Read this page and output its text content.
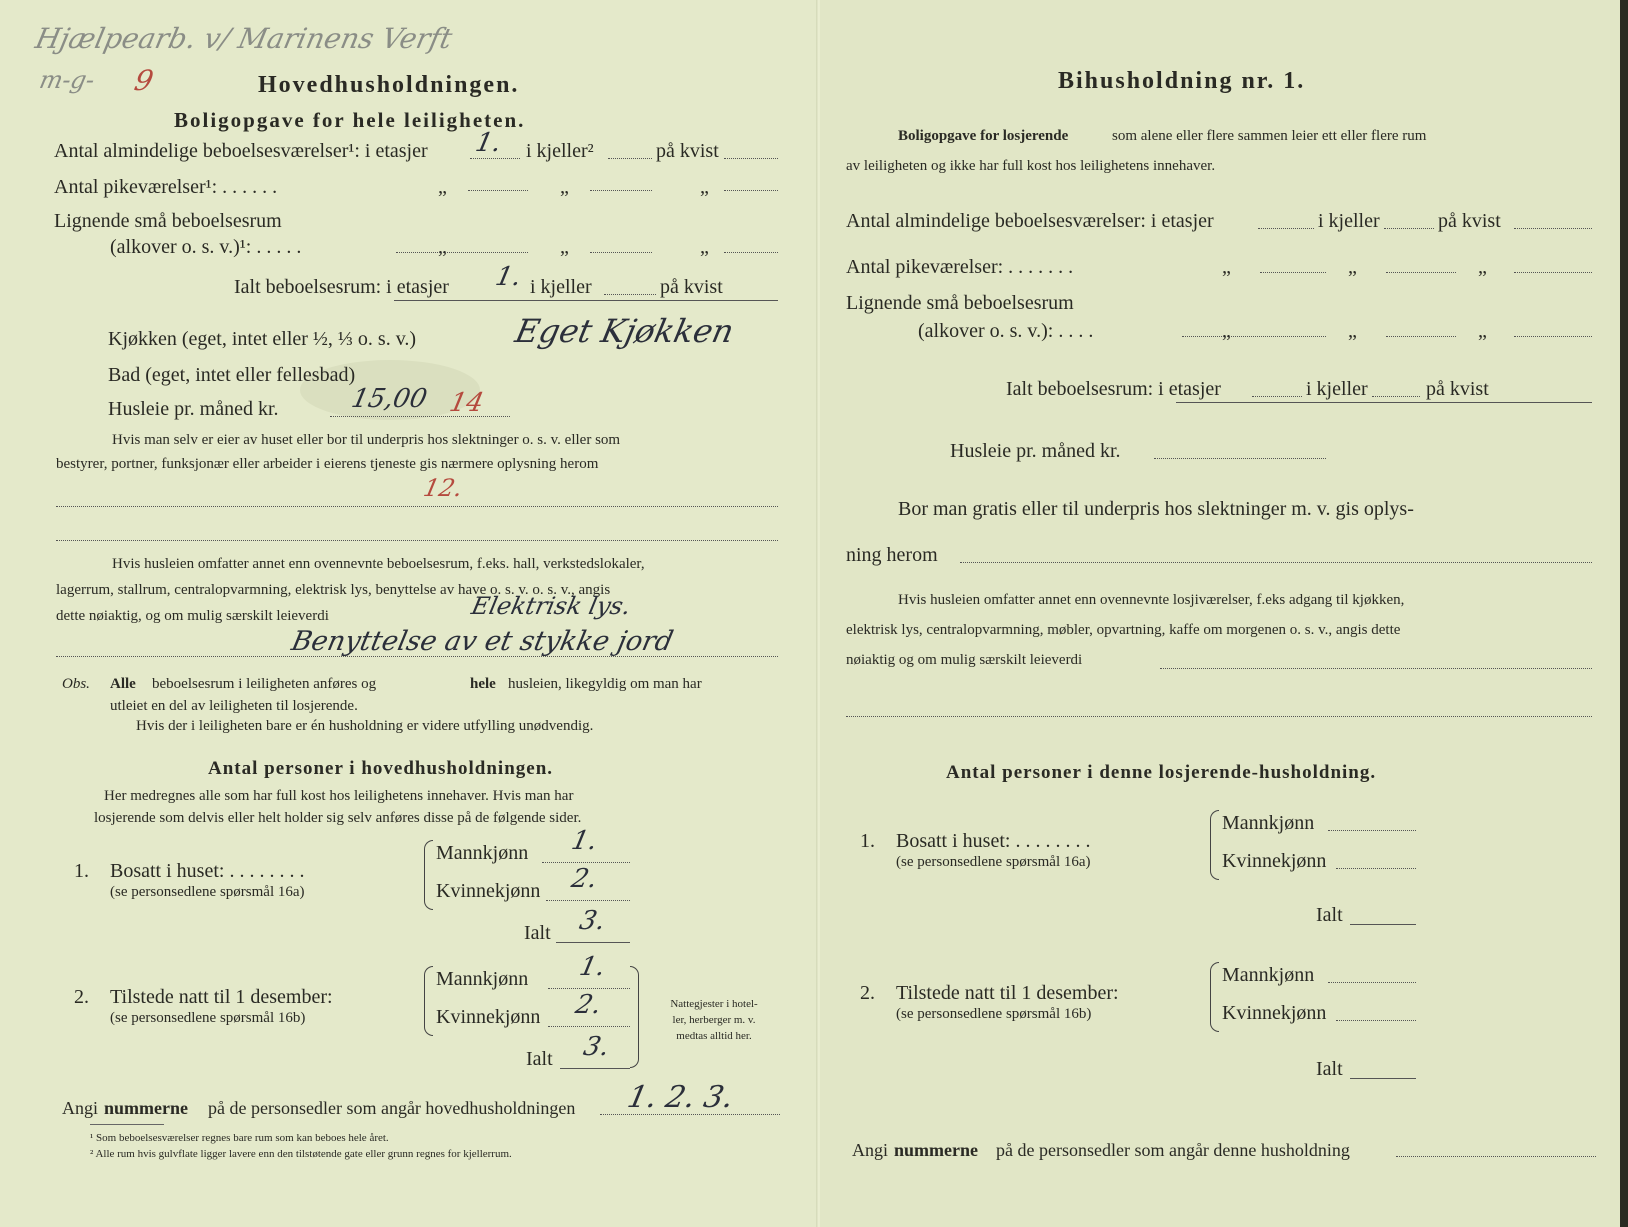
Hjælpearb. v/ Marinens Verft
m-g- 9	Hovedhusholdningen.
Boligopgave for hele leiligheten.
Antal almindelige beboelsesværelser¹: i etasjer 1. i kjeller²	på kvist
Antal pikeværelser¹: . . . . . .	„	„	„
Lignende små beboelsesrum
(alkover o. s. v.)¹: . . . . .	„	„	„
Ialt beboelsesrum: i etasjer 1. i kjeller	på kvist
Kjøkken (eget, intet eller ½, ⅓ o. s. v.)	Eget Kjøkken
Bad (eget, intet eller fellesbad)
Husleie pr. måned kr.	15,00 14
Hvis man selv er eier av huset eller bor til underpris hos slektninger o. s. v. eller som
bestyrer, portner, funksjonær eller arbeider i eierens tjeneste gis nærmere oplysning herom
12.
Hvis husleien omfatter annet enn ovennevnte beboelsesrum, f.eks. hall, verkstedslokaler,
lagerrum, stallrum, centralopvarmning, elektrisk lys, benyttelse av have o. s. v. o. s. v., angis
dette nøiaktig, og om mulig særskilt leieverdi	Elektrisk lys.
Benyttelse av et stykke jord
Obs. Alle beboelsesrum i leiligheten anføres og	hele husleien, likegyldig om man har
utleiet en del av leiligheten til losjerende.
Hvis der i leiligheten bare er én husholdning er videre utfylling unødvendig.
Antal personer i hovedhusholdningen.
Her medregnes alle som har full kost hos leilighetens innehaver. Hvis man har
losjerende som delvis eller helt holder sig selv anføres disse på de følgende sider.
1. Bosatt i huset: . . . . . . . .
(se personsedlene spørsmål 16a)
Mannkjønn 1.
Kvinnekjønn 2.
Ialt 3.
2. Tilstede natt til 1 desember:
(se personsedlene spørsmål 16b)
Mannkjønn 1.
Kvinnekjønn 2.
Ialt 3.
Nattegjester i hotel-
ler, herberger m. v.
medtas alltid her.
Angi nummerne på de personsedler som angår hovedhusholdningen 1. 2. 3.
¹ Som beboelsesværelser regnes bare rum som kan beboes hele året.
² Alle rum hvis gulvflate ligger lavere enn den tilstøtende gate eller grunn regnes for kjellerrum.
Bihusholdning nr. 1.
Boligopgave for losjerende	som alene eller flere sammen leier ett eller flere rum
av leiligheten og ikke har full kost hos leilighetens innehaver.
Antal almindelige beboelsesværelser: i etasjer	i kjeller	på kvist
Antal pikeværelser: . . . . . . .	„	„	„
Lignende små beboelsesrum
(alkover o. s. v.): . . . .	„	„	„
Ialt beboelsesrum: i etasjer	i kjeller	på kvist
Husleie pr. måned kr.
Bor man gratis eller til underpris hos slektninger m. v. gis oplys-
ning herom
Hvis husleien omfatter annet enn ovennevnte losjiværelser, f.eks adgang til kjøkken,
elektrisk lys, centralopvarmning, møbler, opvartning, kaffe om morgenen o. s. v., angis dette
nøiaktig og om mulig særskilt leieverdi
Antal personer i denne losjerende-husholdning.
1. Bosatt i huset: . . . . . . . .
(se personsedlene spørsmål 16a)
Mannkjønn
Kvinnekjønn
Ialt
2. Tilstede natt til 1 desember:
(se personsedlene spørsmål 16b)
Mannkjønn
Kvinnekjønn
Ialt
Angi nummerne på de personsedler som angår denne husholdning
